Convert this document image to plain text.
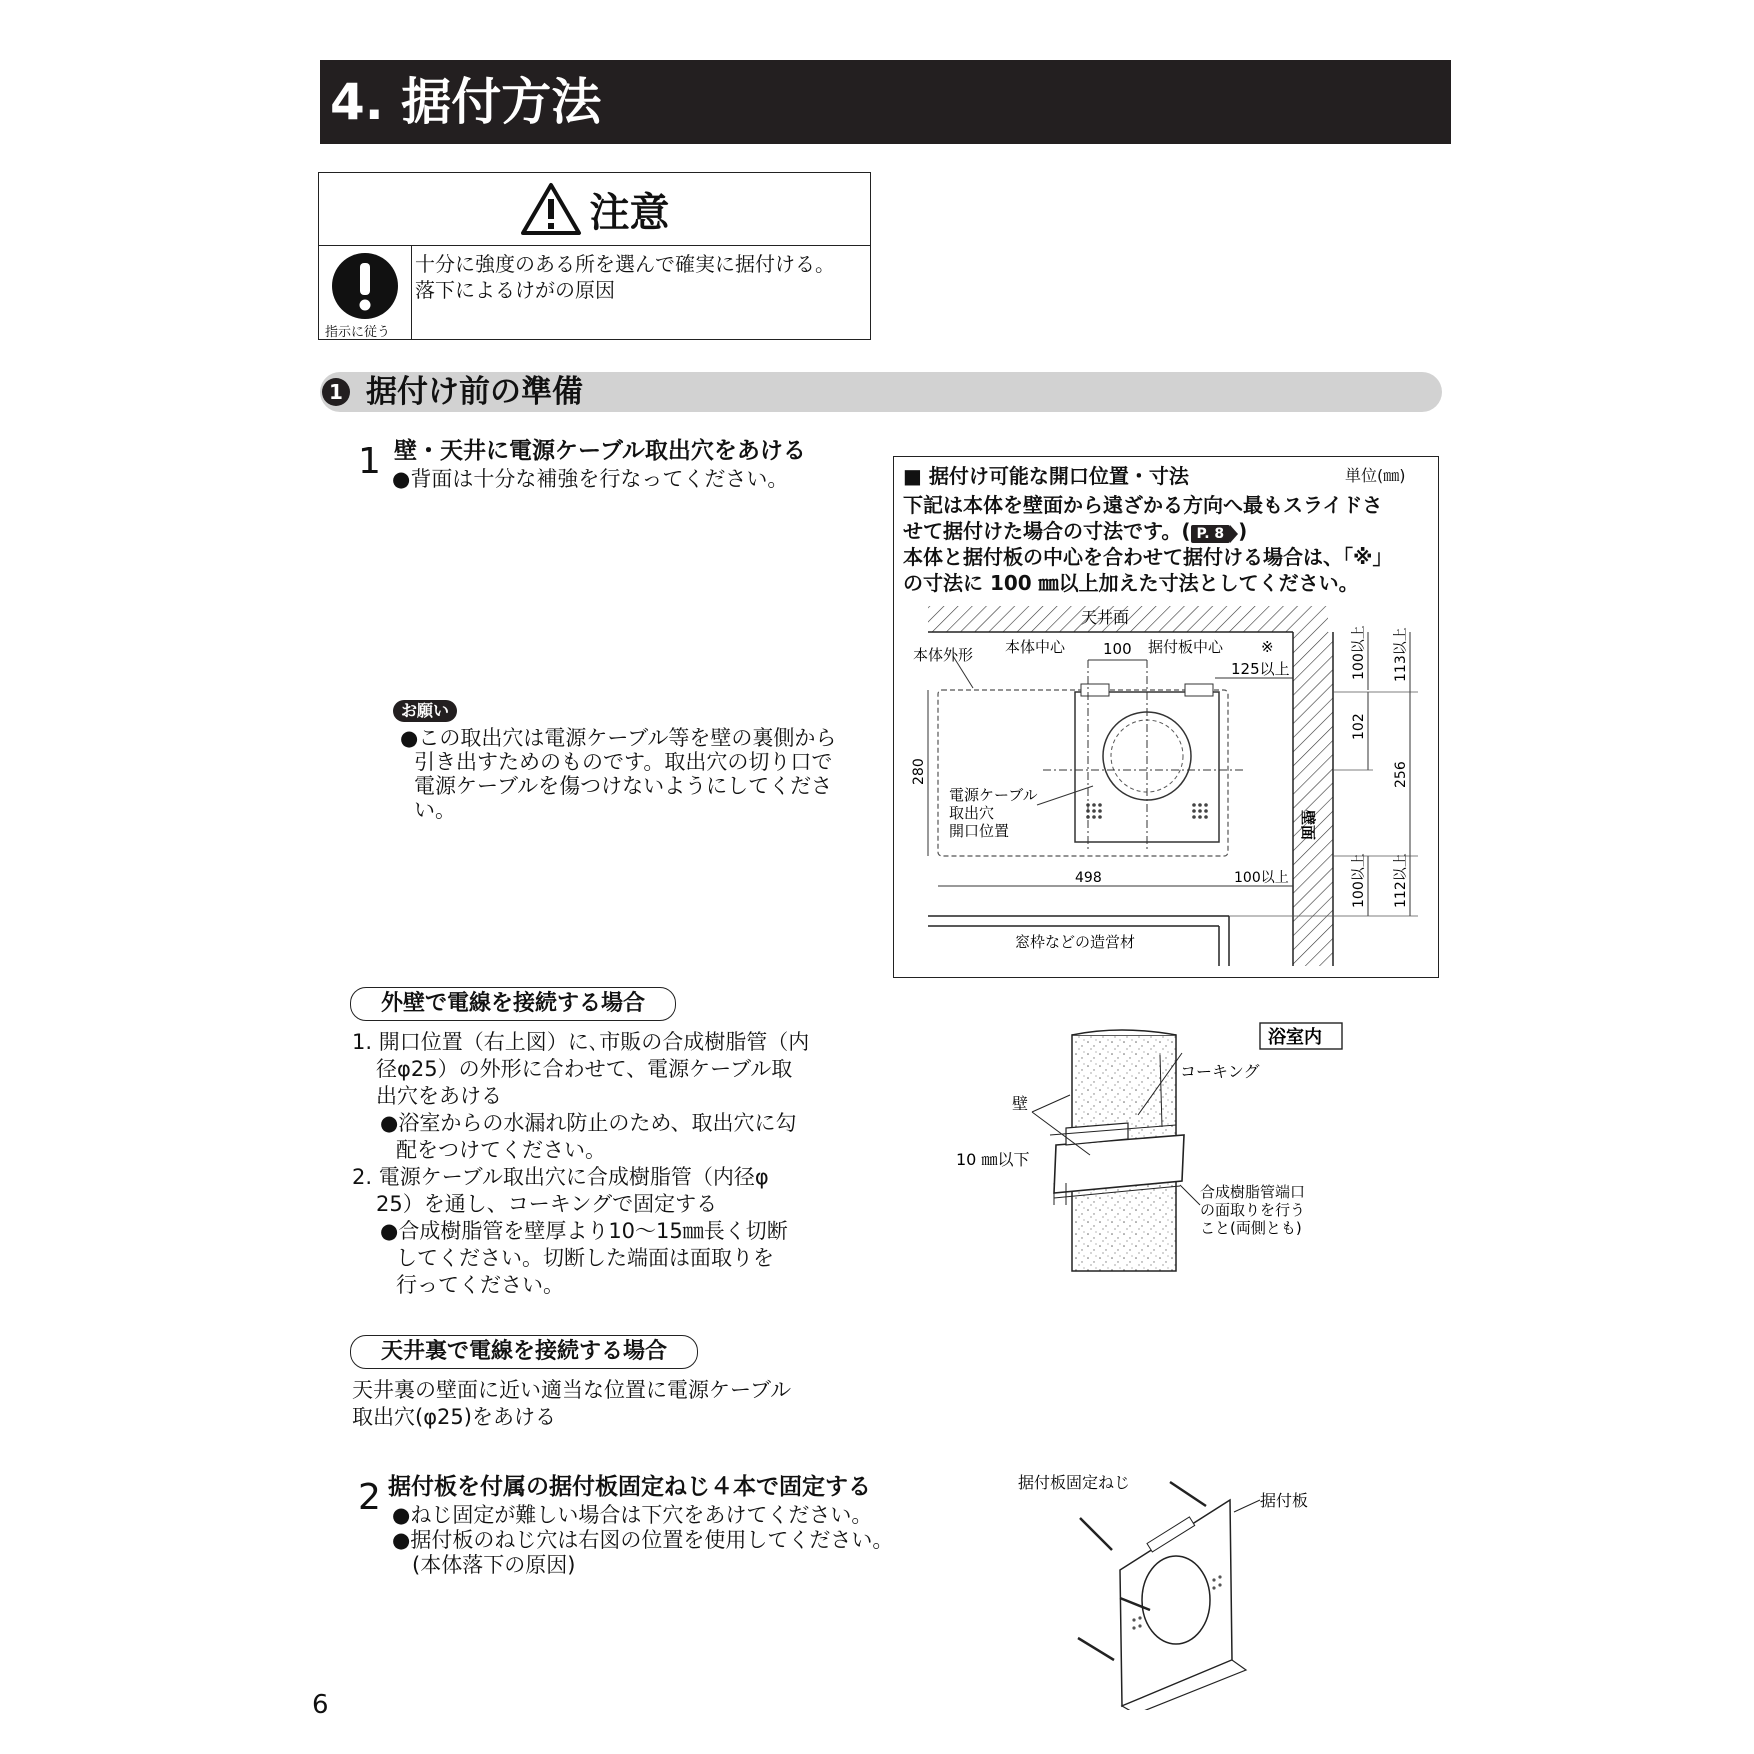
4. 据付方法
注意
指示に従う
十分に強度のある所を選んで確実に据付ける。
落下によるけがの原因
1 据付け前の準備
1 壁・天井に電源ケーブル取出穴をあける
●背面は十分な補強を行なってください。
お願い
●この取出穴は電源ケーブル等を壁の裏側から
引き出すためのものです。取出穴の切り口で
電源ケーブルを傷つけないようにしてくださ
い。
■ 据付け可能な開口位置・寸法	単位(㎜)
下記は本体を壁面から遠ざかる方向へ最もスライドさ
せて据付けた場合の寸法です。( P. 8 )
本体と据付板の中心を合わせて据付ける場合は、「※」
の寸法に 100 ㎜以上加えた寸法としてください。
天井面
本体外形 本体中心	100 据付板中心	※
125以上	100以上 113以上
102
256
280
壁面
電源ケーブル
取出穴
開口位置
498	100以上	100以上 112以上
窓枠などの造営材
外壁で電線を接続する場合
1. 開口位置（右上図）に､市販の合成樹脂管（内
径φ25）の外形に合わせて、電源ケーブル取
出穴をあける
●浴室からの水漏れ防止のため、取出穴に勾
配をつけてください。
2. 電源ケーブル取出穴に合成樹脂管（内径φ
25）を通し、コーキングで固定する
●合成樹脂管を壁厚より10～15㎜長く切断
してください。切断した端面は面取りを
行ってください。
浴室内
コーキング
壁
10 ㎜以下
合成樹脂管端口
の面取りを行う
こと(両側とも)
天井裏で電線を接続する場合
天井裏の壁面に近い適当な位置に電源ケーブル
取出穴(φ25)をあける
2 据付板を付属の据付板固定ねじ４本で固定する
●ねじ固定が難しい場合は下穴をあけてください。
●据付板のねじ穴は右図の位置を使用してください。
(本体落下の原因)
据付板固定ねじ
据付板
6
